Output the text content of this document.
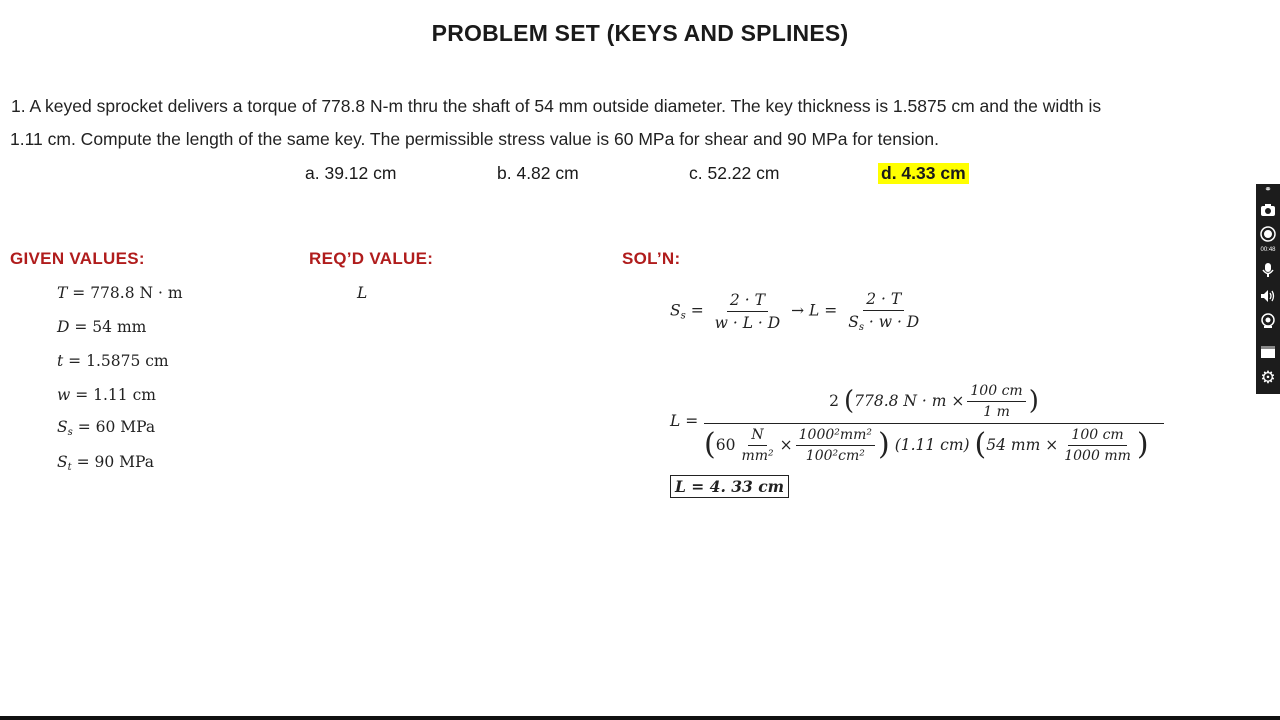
PROBLEM SET (KEYS AND SPLINES)
1. A keyed sprocket delivers a torque of 778.8 N-m thru the shaft of 54 mm outside diameter. The key thickness is 1.5875 cm and the width is
1.11 cm. Compute the length of the same key. The permissible stress value is 60 MPa for shear and 90 MPa for tension.
a. 39.12 cm	b. 4.82 cm	c. 52.22 cm	d. 4.33 cm
GIVEN VALUES:	REQ’D VALUE:	SOL’N:
T = 778.8 N · m
D = 54 mm
t = 1.5875 cm
w = 1.11 cm
$S_s = 60$ MPa
$S_t = 90$ MPa
L
$S_s = \frac{2 \cdot T}{w \cdot L \cdot D} \to L = \frac{2 \cdot T}{S_s \cdot w \cdot D}$
L =
2
( 778.8 $N \cdot m \times \frac{100 cm}{1 m}$ )
( $60 \frac{N}{\text{mm²}} \times \frac{\text{1000²mm²}}{\text{100²cm²}}$ )
(1.11 cm)
( 54 mm × $\frac{100 cm}{1000 mm}$ )
L = 4. 33 cm
⚭
00:48
⚙
